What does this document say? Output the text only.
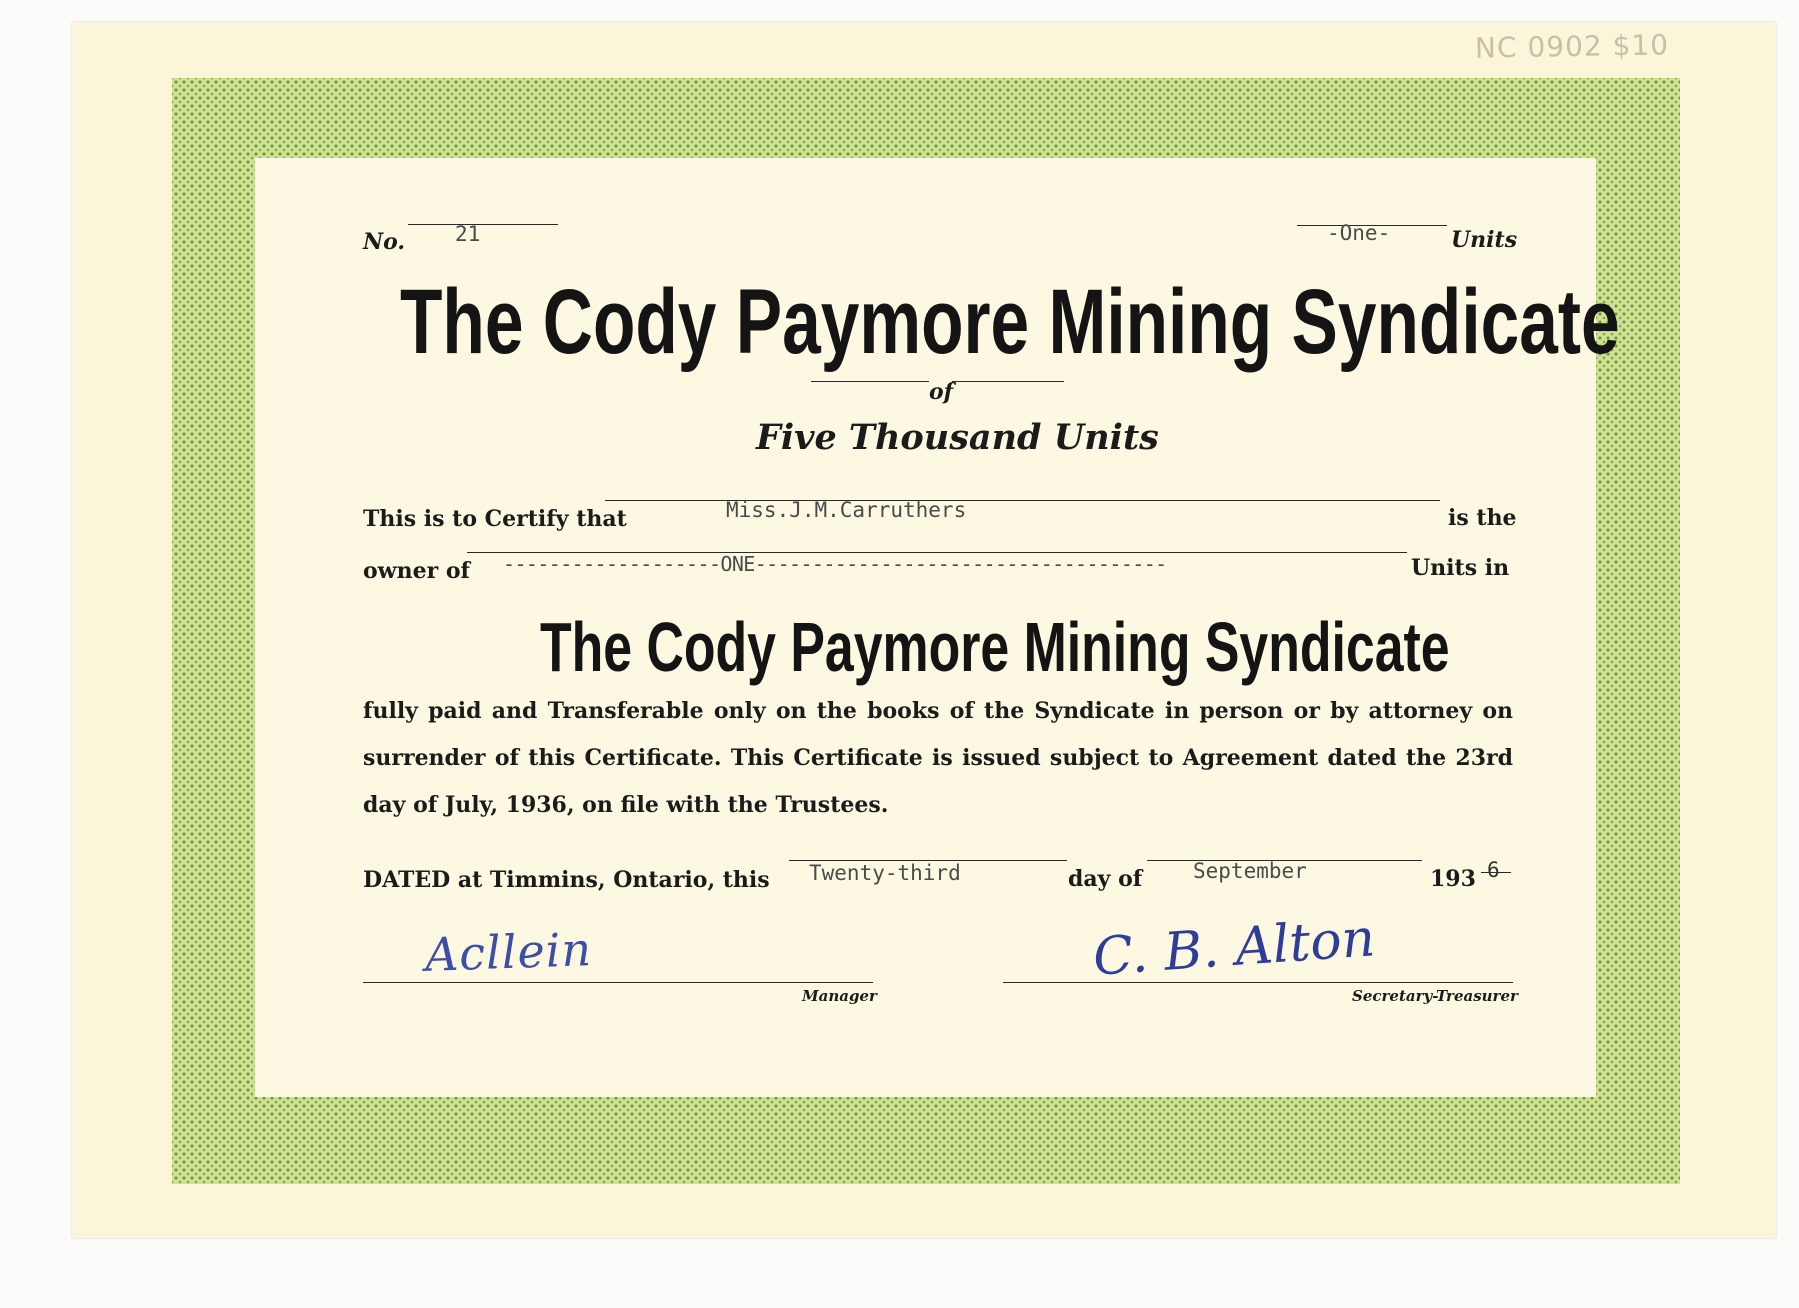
NC 0902 $10
No. 21	-One-	Units
The Cody Paymore Mining Syndicate
of
Five Thousand Units
This is to Certify that	Miss.J.M.Carruthers	is the
owner of -------------------ONE------------------------------------	Units in
The Cody Paymore Mining Syndicate
fully paid and Transferable only on the books of the Syndicate in person or by attorney on surrender of this Certificate. This Certificate is issued subject to Agreement dated the 23rd day of July, 1936, on file with the Trustees.
DATED at Timmins, Ontario, this Twenty-third	day of September	193 6
Acllein
Manager
C. B. Alton
Secretary-Treasurer
